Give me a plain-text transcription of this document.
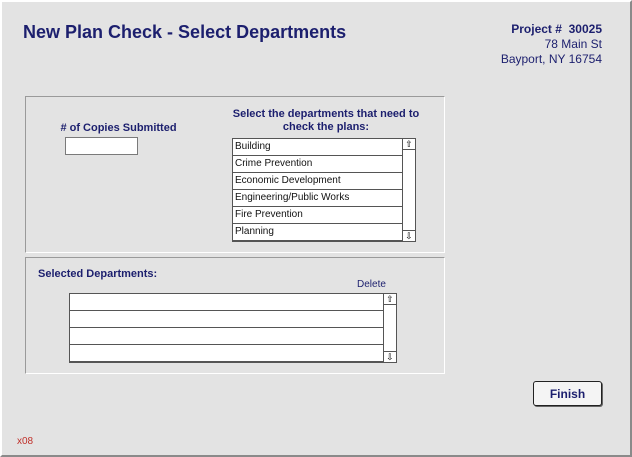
New Plan Check - Select Departments	Project # 30025
78 Main St
Bayport, NY 16754
# of Copies Submitted
Select the departments that need to check the plans:
Building
Crime Prevention
Economic Development
Engineering/Public Works
Fire Prevention
Planning
⇧
⇩
Selected Departments:
Delete
⇧
⇩
Finish
x08
